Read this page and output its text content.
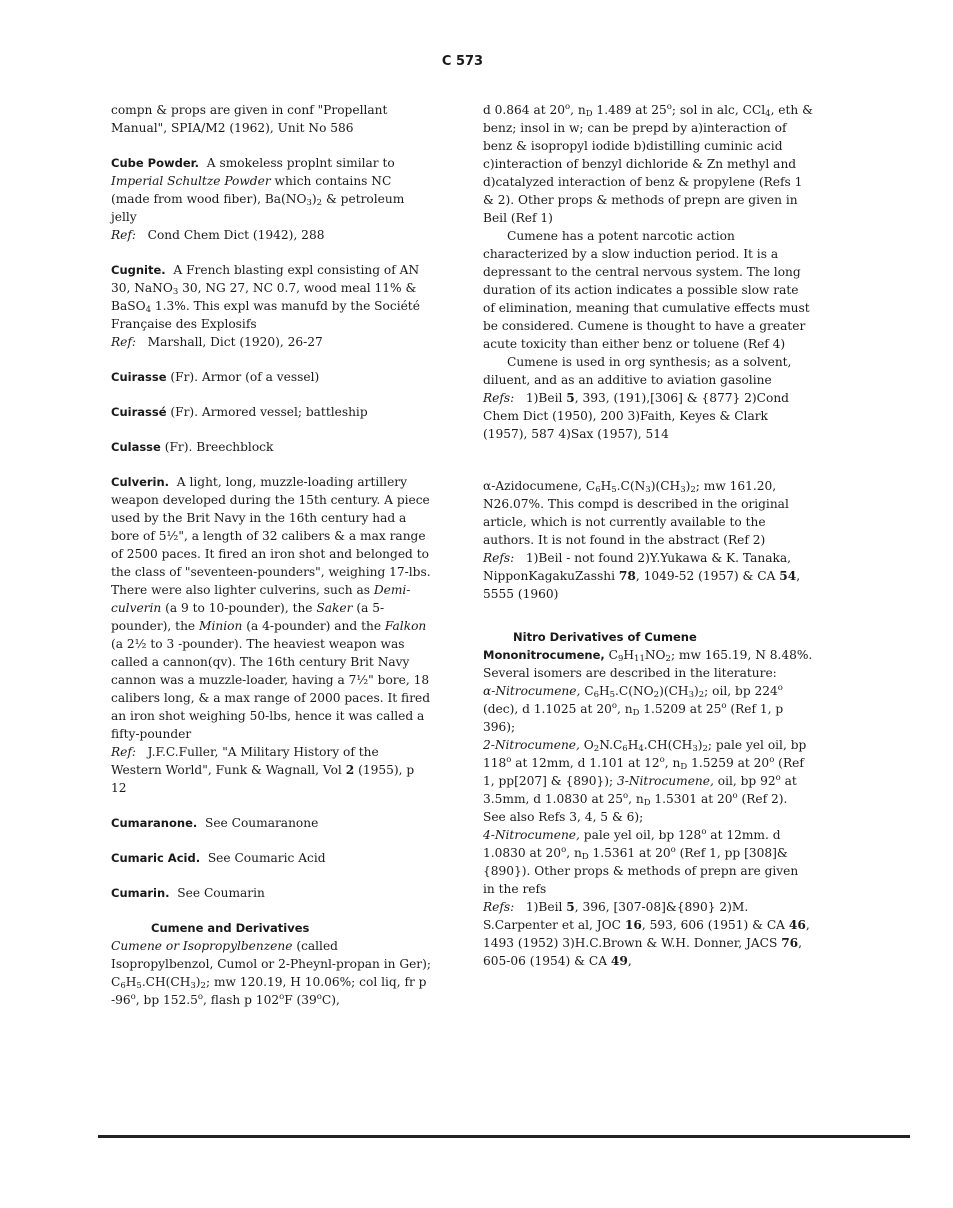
C 573

compn & props are given in conf "Propellant Manual", SPIA/M2 (1962), Unit No 586

Cube Powder. A smokeless proplnt similar to Imperial Schultze Powder which contains NC (made from wood fiber), $Ba(NO_3)_2$ & petroleum jelly

Ref: Cond Chem Dict (1942), 288

Cugnite. A French blasting expl consisting of AN 30, NaNO$_3$ 30, NG 27, NC 0.7, wood meal 11% & BaSO$_4$ 1.3%. This expl was manufd by the Société Française des Explosifs

Ref: Marshall, Dict (1920), 26-27

Cuirasse (Fr). Armor (of a vessel)

Cuirassé (Fr). Armored vessel; battleship

Culasse (Fr). Breechblock

Culverin. A light, long, muzzle-loading artillery weapon developed during the 15th century. A piece used by the Brit Navy in the 16th century had a bore of 5½", a length of 32 calibers & a max range of 2500 paces. It fired an iron shot and belonged to the class of "seventeen-pounders", weighing 17-lbs. There were also lighter culverins, such as Demi-culverin (a 9 to 10-pounder), the Saker (a 5-pounder), the Minion (a 4-pounder) and the Falkon (a 2½ to 3 -pounder). The heaviest weapon was called a cannon(qv). The 16th century Brit Navy cannon was a muzzle-loader, having a 7½" bore, 18 calibers long, & a max range of 2000 paces. It fired an iron shot weighing 50-lbs, hence it was called a fifty-pounder

Ref: J.F.C.Fuller, "A Military History of the Western World", Funk & Wagnall, Vol 2 (1955), p 12

Cumaranone. See Coumaranone

Cumaric Acid. See Coumaric Acid

Cumarin. See Coumarin

Cumene and Derivatives

Cumene or Isopropylbenzene (called Isopropylbenzol, Cumol or 2-Pheynl-propan in Ger); $C_6H_5.CH(CH_3)_2$; mw 120.19, H 10.06%; col liq, fr p -96$^o$, bp 152.5$^o$, flash p 102$^o$F (39$^o$C),

d 0.864 at 20$^o$, $n_D$ 1.489 at 25$^o$; sol in alc, CCl$_4$, eth & benz; insol in w; can be prepd by a)interaction of benz & isopropyl iodide b)distilling cuminic acid c)interaction of benzyl dichloride & Zn methyl and d)catalyzed interaction of benz & propylene (Refs 1 & 2). Other props & methods of prepn are given in Beil (Ref 1)

Cumene has a potent narcotic action characterized by a slow induction period. It is a depressant to the central nervous system. The long duration of its action indicates a possible slow rate of elimination, meaning that cumulative effects must be considered. Cumene is thought to have a greater acute toxicity than either benz or toluene (Ref 4)

Cumene is used in org synthesis; as a solvent, diluent, and as an additive to aviation gasoline

Refs: 1)Beil 5, 393, (191),[306] & {877} 2)Cond Chem Dict (1950), 200 3)Faith, Keyes & Clark (1957), 587 4)Sax (1957), 514

α-Azidocumene, $C_6H_5.C(N_3)(CH_3)_2$; mw 161.20, N26.07%. This compd is described in the original article, which is not currently available to the authors. It is not found in the abstract (Ref 2)

Refs: 1)Beil - not found 2)Y.Yukawa & K. Tanaka, NipponKagakuZasshi 78, 1049-52 (1957) & CA 54, 5555 (1960)

Nitro Derivatives of Cumene

Mononitrocumene, $C_9H_{11}NO_2$; mw 165.19, N 8.48%. Several isomers are described in the literature:

α-Nitrocumene, $C_6H_5.C(NO_2)(CH_3)_2$; oil, bp 224$^o$ (dec), d 1.1025 at 20$^o$, $n_D$ 1.5209 at 25$^o$ (Ref 1, p 396);

2-Nitrocumene, $O_2N.C_6H_4.CH(CH_3)_2$; pale yel oil, bp 118$^o$ at 12mm, d 1.101 at 12$^o$, $n_D$ 1.5259 at 20$^o$ (Ref 1, pp[207] & {890}); 3-Nitrocumene, oil, bp 92$^o$ at 3.5mm, d 1.0830 at 25$^o$, $n_D$ 1.5301 at 20$^o$ (Ref 2). See also Refs 3, 4, 5 & 6);

4-Nitrocumene, pale yel oil, bp 128$^o$ at 12mm. d 1.0830 at 20$^o$, $n_D$ 1.5361 at 20$^o$ (Ref 1, pp [308]&{890}). Other props & methods of prepn are given in the refs

Refs: 1)Beil 5, 396, [307-08]&{890} 2)M. S.Carpenter et al, JOC 16, 593, 606 (1951) & CA 46, 1493 (1952) 3)H.C.Brown & W.H. Donner, JACS 76, 605-06 (1954) & CA 49,
